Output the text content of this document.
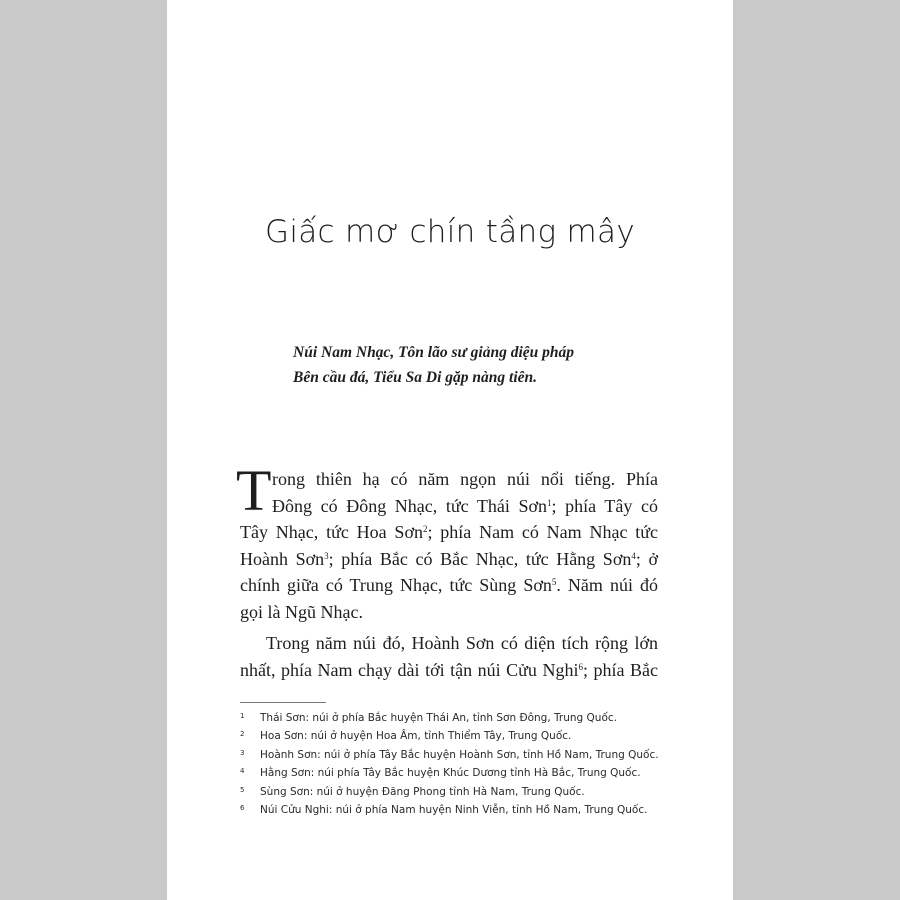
Giấc mơ chín tầng mây
Núi Nam Nhạc, Tôn lão sư giảng diệu pháp
Bên cầu đá, Tiểu Sa Di gặp nàng tiên.
T rong thiên hạ có năm ngọn núi nổi tiếng. Phía

Đông có Đông Nhạc, tức Thái Sơn$^1$; phía Tây có

Tây Nhạc, tức Hoa Sơn$^2$; phía Nam có Nam Nhạc tức

Hoành Sơn$^3$; phía Bắc có Bắc Nhạc, tức Hằng Sơn$^4$; ở

chính giữa có Trung Nhạc, tức Sùng Sơn$^5$. Năm núi đó

gọi là Ngũ Nhạc.

Trong năm núi đó, Hoành Sơn có diện tích rộng lớn

nhất, phía Nam chạy dài tới tận núi Cửu Nghi$^6$; phía Bắc

1	Thái Sơn: núi ở phía Bắc huyện Thái An, tỉnh Sơn Đông, Trung Quốc.
2	Hoa Sơn: núi ở huyện Hoa Âm, tỉnh Thiểm Tây, Trung Quốc.
3	Hoành Sơn: núi ở phía Tây Bắc huyện Hoành Sơn, tỉnh Hồ Nam, Trung Quốc.
4	Hằng Sơn: núi phía Tây Bắc huyện Khúc Dương tỉnh Hà Bắc, Trung Quốc.
5	Sùng Sơn: núi ở huyện Đăng Phong tỉnh Hà Nam, Trung Quốc.
6	Núi Cửu Nghi: núi ở phía Nam huyện Ninh Viễn, tỉnh Hồ Nam, Trung Quốc.
